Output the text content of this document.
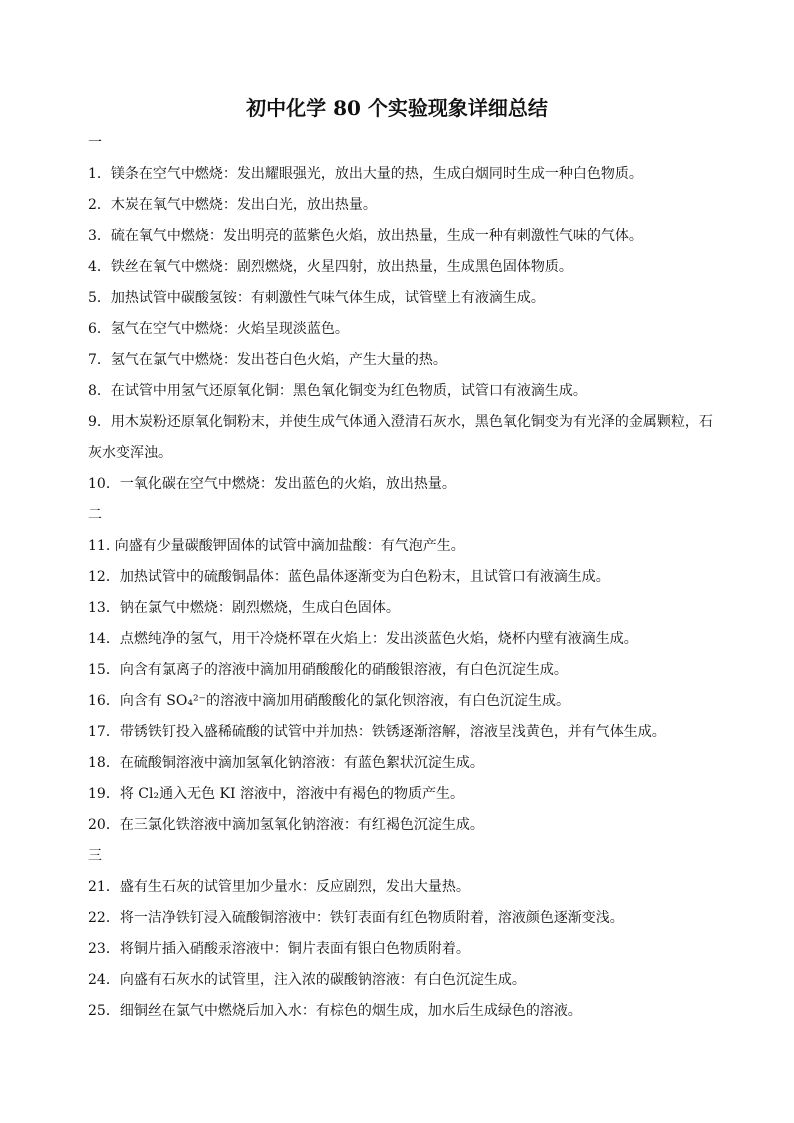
初中化学 80 个实验现象详细总结
一
1．镁条在空气中燃烧：发出耀眼强光，放出大量的热，生成白烟同时生成一种白色物质。
2．木炭在氧气中燃烧：发出白光，放出热量。
3．硫在氧气中燃烧：发出明亮的蓝紫色火焰，放出热量，生成一种有刺激性气味的气体。
4．铁丝在氧气中燃烧：剧烈燃烧，火星四射，放出热量，生成黑色固体物质。
5．加热试管中碳酸氢铵：有刺激性气味气体生成，试管壁上有液滴生成。
6．氢气在空气中燃烧：火焰呈现淡蓝色。
7．氢气在氯气中燃烧：发出苍白色火焰，产生大量的热。
8．在试管中用氢气还原氧化铜：黑色氧化铜变为红色物质，试管口有液滴生成。
9．用木炭粉还原氧化铜粉末，并使生成气体通入澄清石灰水，黑色氧化铜变为有光泽的金属颗粒，石灰水变浑浊。
10．一氧化碳在空气中燃烧：发出蓝色的火焰，放出热量。
二
11. 向盛有少量碳酸钾固体的试管中滴加盐酸：有气泡产生。
12．加热试管中的硫酸铜晶体：蓝色晶体逐渐变为白色粉末，且试管口有液滴生成。
13．钠在氯气中燃烧：剧烈燃烧，生成白色固体。
14．点燃纯净的氢气，用干冷烧杯罩在火焰上：发出淡蓝色火焰，烧杯内壁有液滴生成。
15．向含有氯离子的溶液中滴加用硝酸酸化的硝酸银溶液，有白色沉淀生成。
16．向含有 SO₄²⁻的溶液中滴加用硝酸酸化的氯化钡溶液，有白色沉淀生成。
17．带锈铁钉投入盛稀硫酸的试管中并加热：铁锈逐渐溶解，溶液呈浅黄色，并有气体生成。
18．在硫酸铜溶液中滴加氢氧化钠溶液：有蓝色絮状沉淀生成。
19．将 Cl₂通入无色 KI 溶液中，溶液中有褐色的物质产生。
20．在三氯化铁溶液中滴加氢氧化钠溶液：有红褐色沉淀生成。
三
21．盛有生石灰的试管里加少量水：反应剧烈，发出大量热。
22．将一洁净铁钉浸入硫酸铜溶液中：铁钉表面有红色物质附着，溶液颜色逐渐变浅。
23．将铜片插入硝酸汞溶液中：铜片表面有银白色物质附着。
24．向盛有石灰水的试管里，注入浓的碳酸钠溶液：有白色沉淀生成。
25．细铜丝在氯气中燃烧后加入水：有棕色的烟生成，加水后生成绿色的溶液。
